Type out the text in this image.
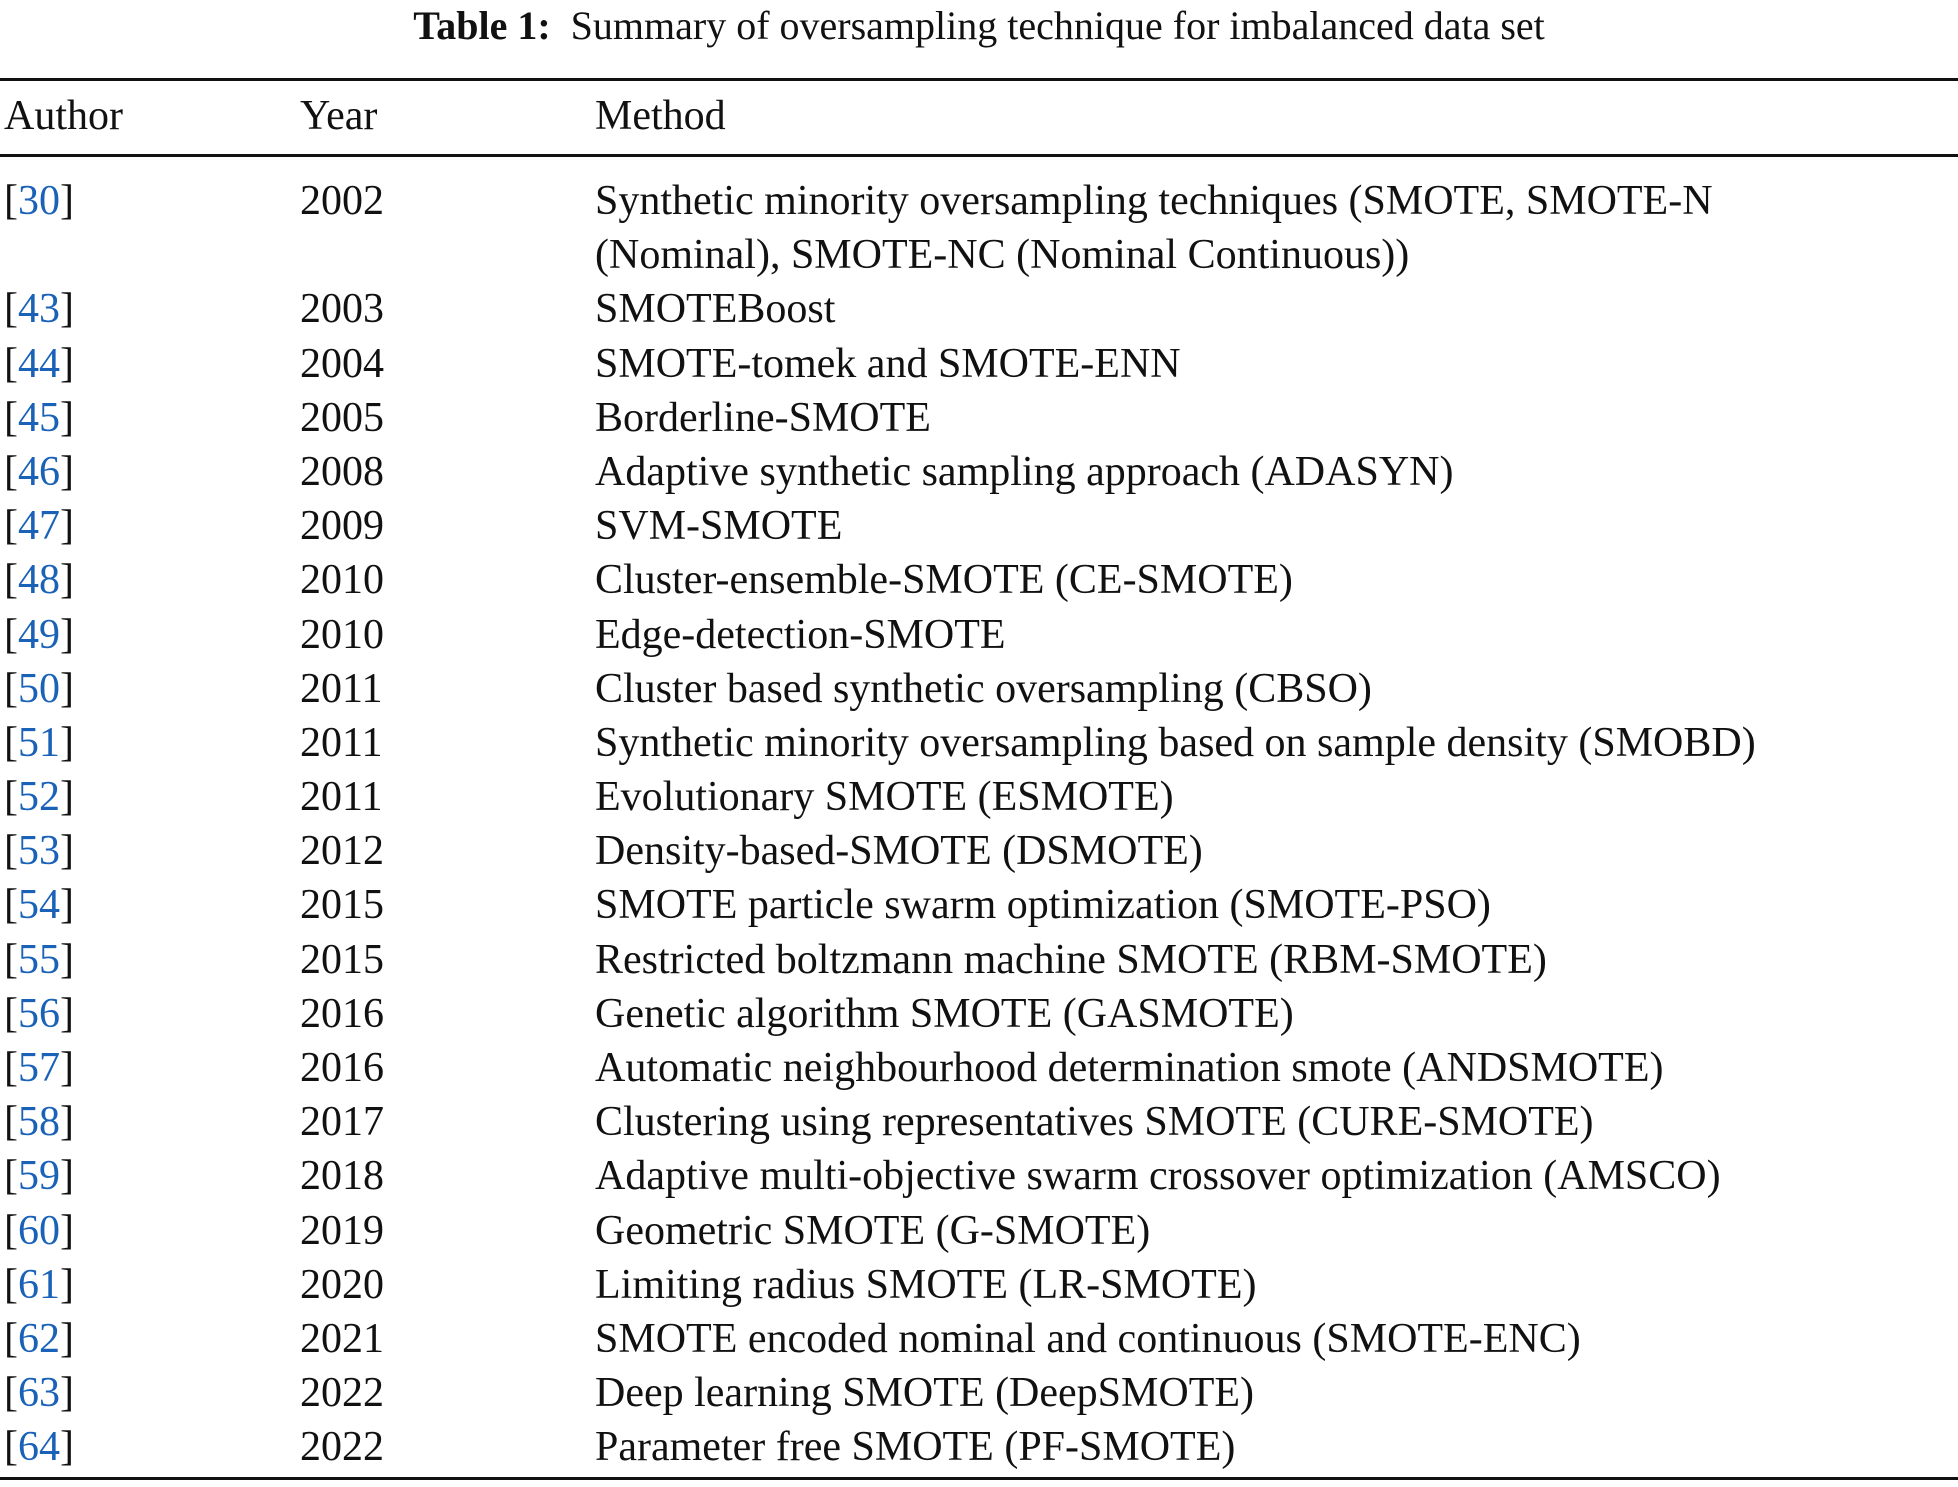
Table 1: Summary of oversampling technique for imbalanced data set
Author	Year	Method
[30]	2002	Synthetic minority oversampling techniques (SMOTE, SMOTE-N
(Nominal), SMOTE-NC (Nominal Continuous))
[43]	2003	SMOTEBoost
[44]	2004	SMOTE-tomek and SMOTE-ENN
[45]	2005	Borderline-SMOTE
[46]	2008	Adaptive synthetic sampling approach (ADASYN)
[47]	2009	SVM-SMOTE
[48]	2010	Cluster-ensemble-SMOTE (CE-SMOTE)
[49]	2010	Edge-detection-SMOTE
[50]	2011	Cluster based synthetic oversampling (CBSO)
[51]	2011	Synthetic minority oversampling based on sample density (SMOBD)
[52]	2011	Evolutionary SMOTE (ESMOTE)
[53]	2012	Density-based-SMOTE (DSMOTE)
[54]	2015	SMOTE particle swarm optimization (SMOTE-PSO)
[55]	2015	Restricted boltzmann machine SMOTE (RBM-SMOTE)
[56]	2016	Genetic algorithm SMOTE (GASMOTE)
[57]	2016	Automatic neighbourhood determination smote (ANDSMOTE)
[58]	2017	Clustering using representatives SMOTE (CURE-SMOTE)
[59]	2018	Adaptive multi-objective swarm crossover optimization (AMSCO)
[60]	2019	Geometric SMOTE (G-SMOTE)
[61]	2020	Limiting radius SMOTE (LR-SMOTE)
[62]	2021	SMOTE encoded nominal and continuous (SMOTE-ENC)
[63]	2022	Deep learning SMOTE (DeepSMOTE)
[64]	2022	Parameter free SMOTE (PF-SMOTE)
